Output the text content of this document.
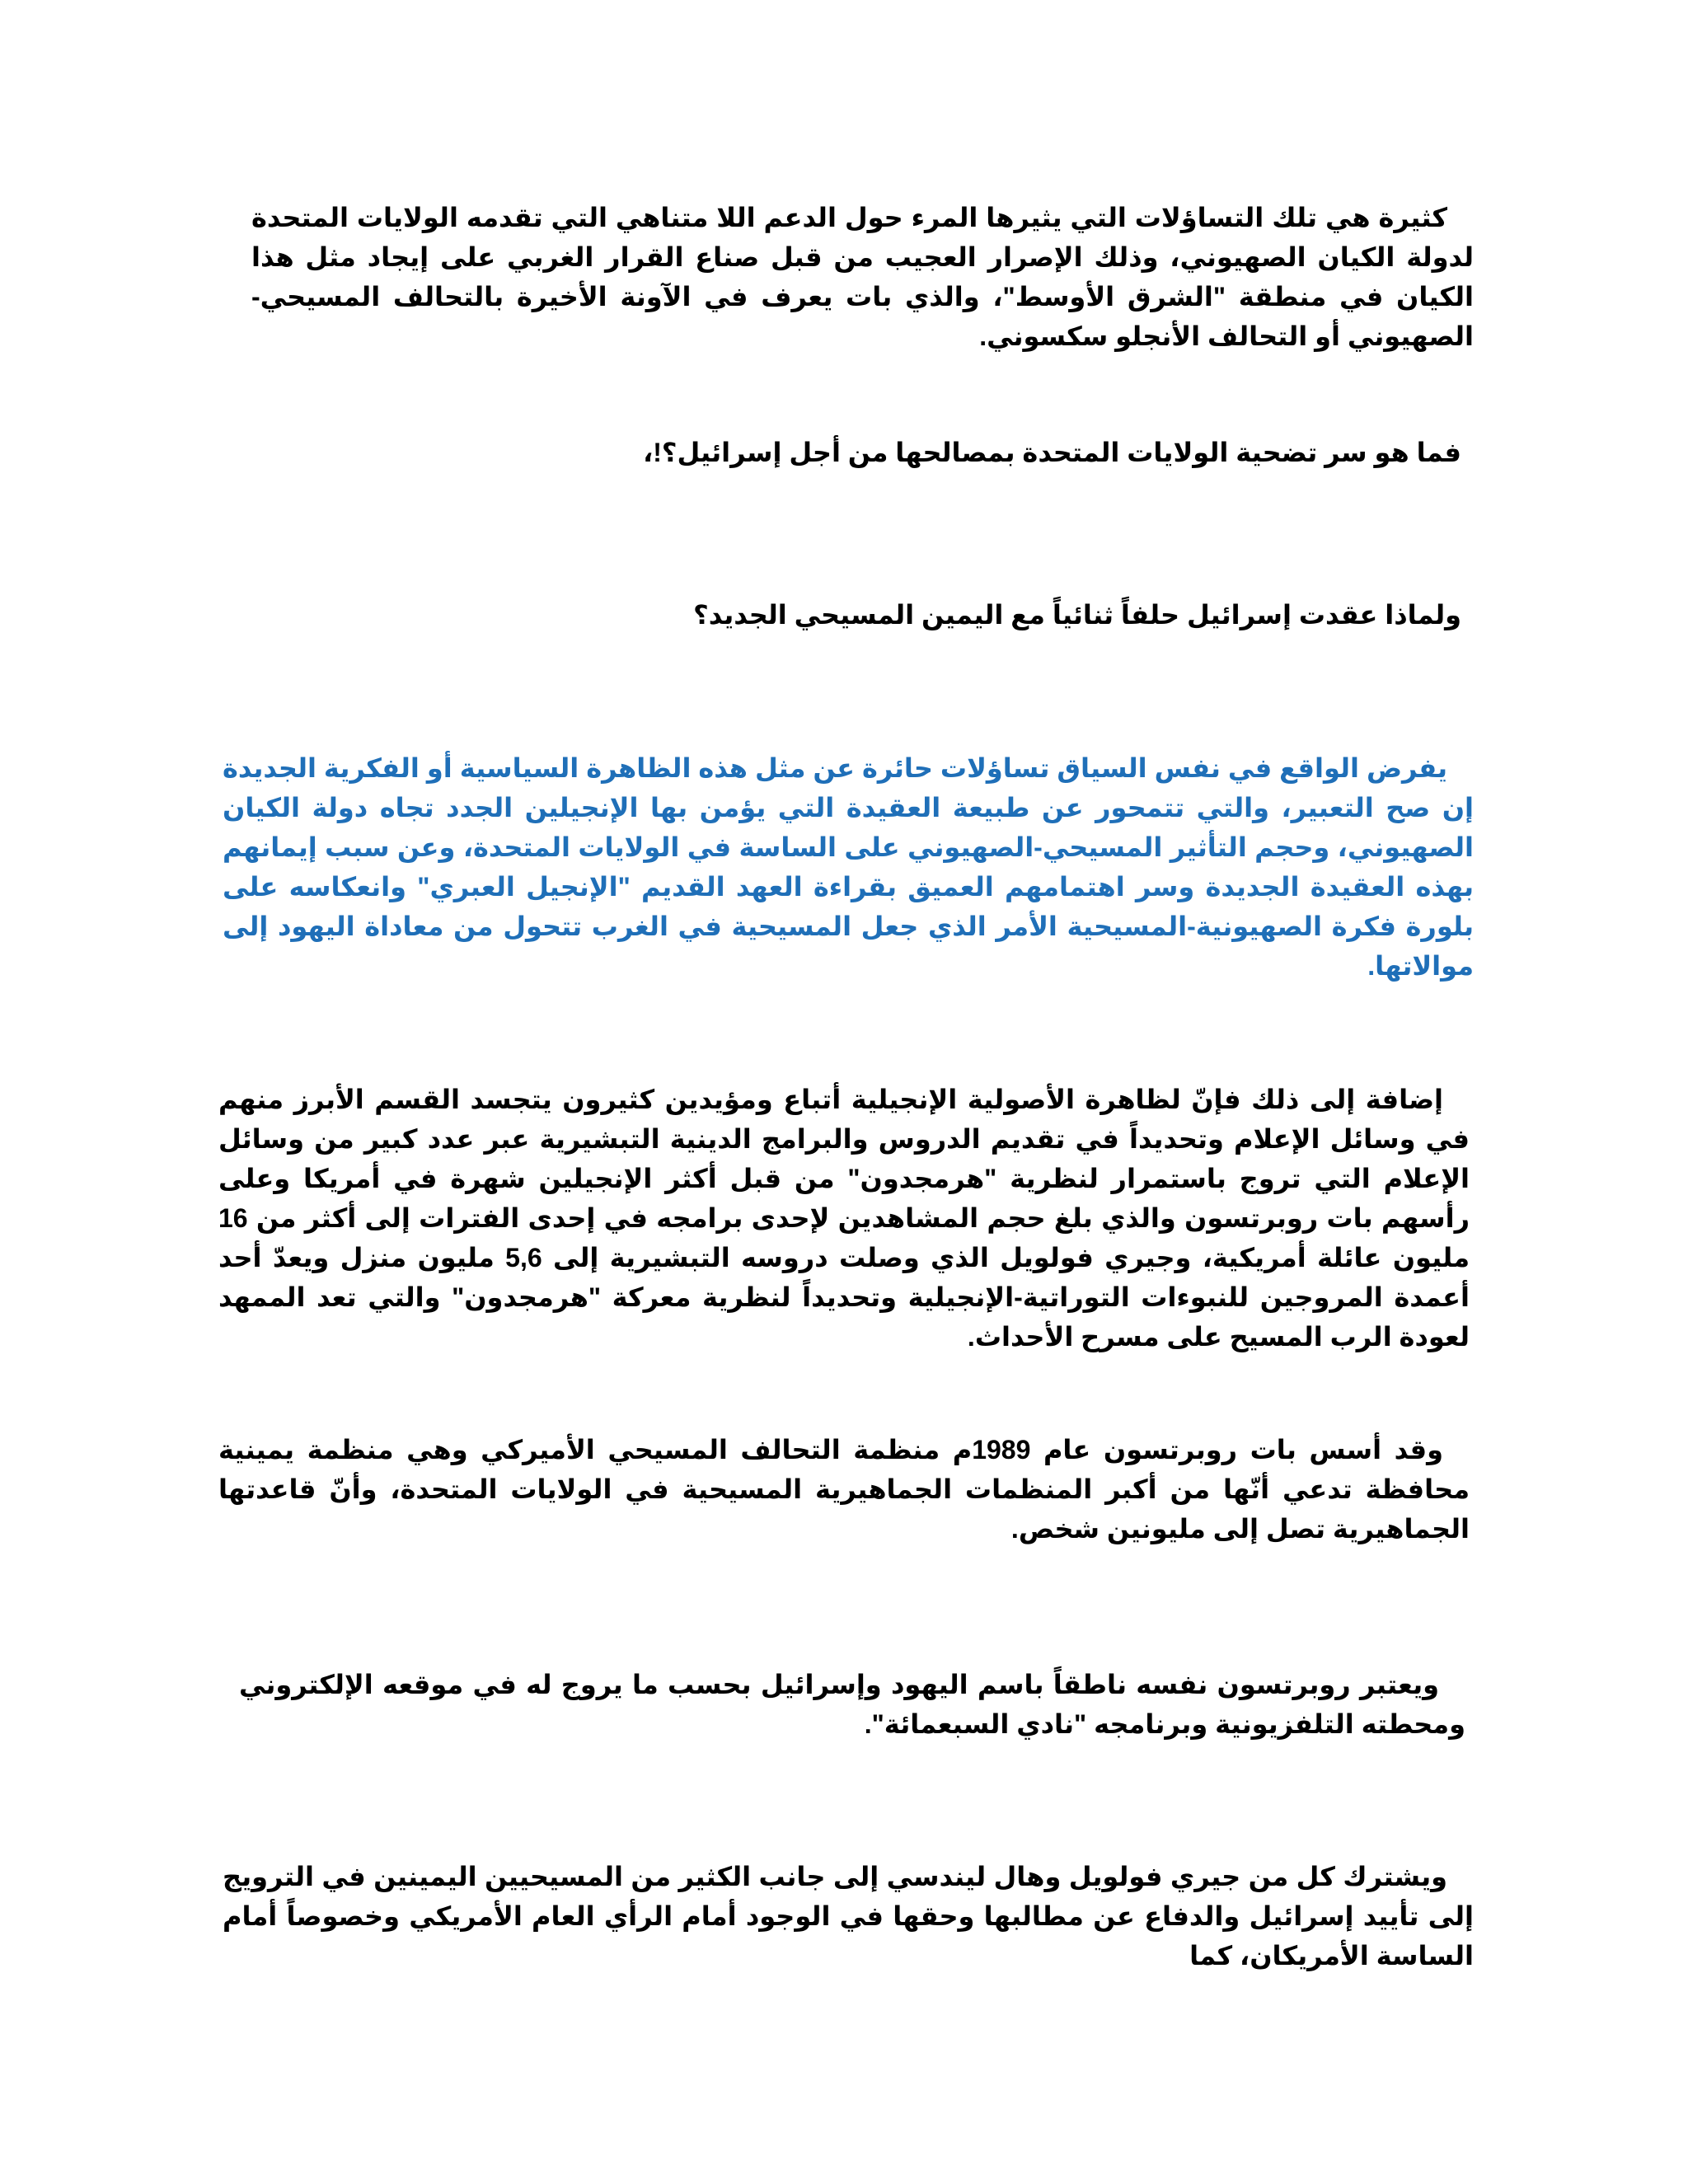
كثيرة هي تلك التساؤلات التي يثيرها المرء حول الدعم اللا متناهي التي تقدمه الولايات المتحدة لدولة الكيان الصهيوني، وذلك الإصرار العجيب من قبل صناع القرار الغربي على إيجاد مثل هذا الكيان في منطقة "الشرق الأوسط"، والذي بات يعرف في الآونة الأخيرة بالتحالف المسيحي-الصهيوني أو التحالف الأنجلو سكسوني.

فما هو سر تضحية الولايات المتحدة بمصالحها من أجل إسرائيل؟!،

ولماذا عقدت إسرائيل حلفاً ثنائياً مع اليمين المسيحي الجديد؟

يفرض الواقع في نفس السياق تساؤلات حائرة عن مثل هذه الظاهرة السياسية أو الفكرية الجديدة إن صح التعبير، والتي تتمحور عن طبيعة العقيدة التي يؤمن بها الإنجيلين الجدد تجاه دولة الكيان الصهيوني، وحجم التأثير المسيحي-الصهيوني على الساسة في الولايات المتحدة، وعن سبب إيمانهم بهذه العقيدة الجديدة وسر اهتمامهم العميق بقراءة العهد القديم "الإنجيل العبري" وانعكاسه على بلورة فكرة الصهيونية-المسيحية الأمر الذي جعل المسيحية في الغرب تتحول من معاداة اليهود إلى موالاتها.

إضافة إلى ذلك فإنّ لظاهرة الأصولية الإنجيلية أتباع ومؤيدين كثيرون يتجسد القسم الأبرز منهم في وسائل الإعلام وتحديداً في تقديم الدروس والبرامج الدينية التبشيرية عبر عدد كبير من وسائل الإعلام التي تروج باستمرار لنظرية "هرمجدون" من قبل أكثر الإنجيلين شهرة في أمريكا وعلى رأسهم بات روبرتسون والذي بلغ حجم المشاهدين لإحدى برامجه في إحدى الفترات إلى أكثر من 16 مليون عائلة أمريكية، وجيري فولويل الذي وصلت دروسه التبشيرية إلى 5,6 مليون منزل ويعدّ أحد أعمدة المروجين للنبوءات التوراتية-الإنجيلية وتحديداً لنظرية معركة "هرمجدون" والتي تعد الممهد لعودة الرب المسيح على مسرح الأحداث.

وقد أسس بات روبرتسون عام 1989م منظمة التحالف المسيحي الأميركي وهي منظمة يمينية محافظة تدعي أنّها من أكبر المنظمات الجماهيرية المسيحية في الولايات المتحدة، وأنّ قاعدتها الجماهيرية تصل إلى مليونين شخص.

ويعتبر روبرتسون نفسه ناطقاً باسم اليهود وإسرائيل بحسب ما يروج له في موقعه الإلكتروني ومحطته التلفزيونية وبرنامجه "نادي السبعمائة".

ويشترك كل من جيري فولويل وهال ليندسي إلى جانب الكثير من المسيحيين اليمينين في الترويج إلى تأييد إسرائيل والدفاع عن مطالبها وحقها في الوجود أمام الرأي العام الأمريكي وخصوصاً أمام الساسة الأمريكان، كما
